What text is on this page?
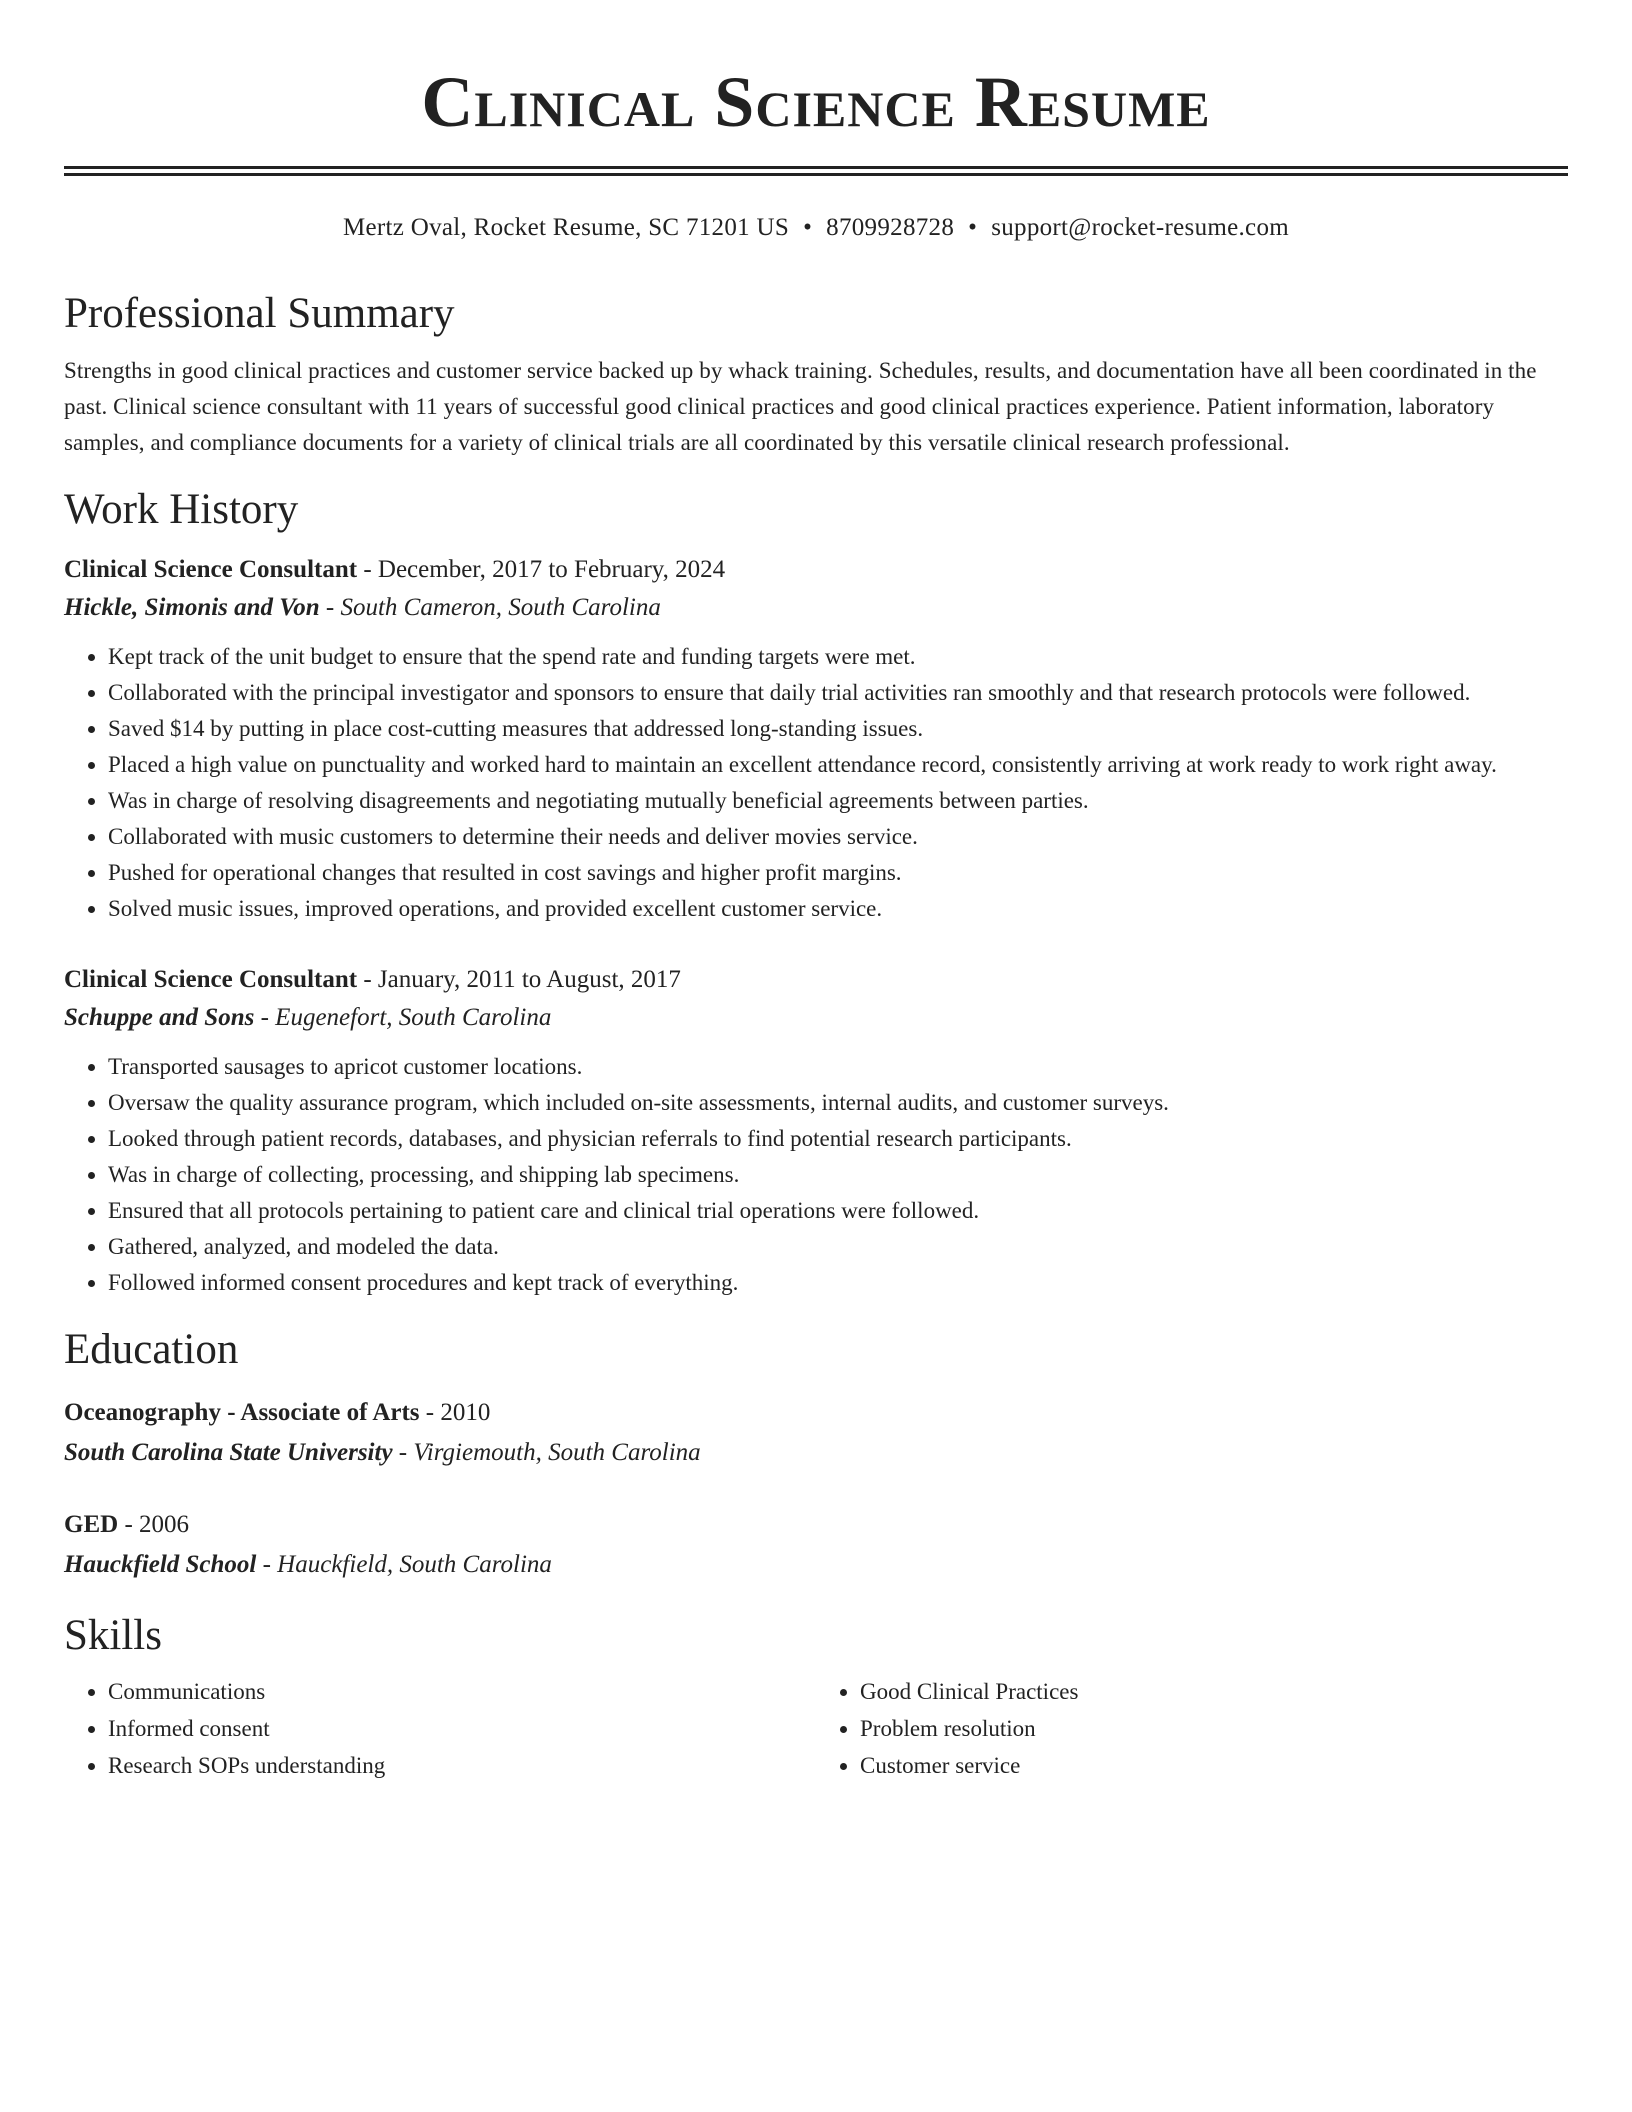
Clinical Science Resume
Mertz Oval, Rocket Resume, SC 71201 US • 8709928728 • support@rocket-resume.com
Professional Summary
Strengths in good clinical practices and customer service backed up by whack training. Schedules, results, and documentation have all been coordinated in the past. Clinical science consultant with 11 years of successful good clinical practices and good clinical practices experience. Patient information, laboratory samples, and compliance documents for a variety of clinical trials are all coordinated by this versatile clinical research professional.
Work History
Clinical Science Consultant - December, 2017 to February, 2024
Hickle, Simonis and Von - South Cameron, South Carolina
• Kept track of the unit budget to ensure that the spend rate and funding targets were met.
• Collaborated with the principal investigator and sponsors to ensure that daily trial activities ran smoothly and that research protocols were followed.
• Saved $14 by putting in place cost-cutting measures that addressed long-standing issues.
• Placed a high value on punctuality and worked hard to maintain an excellent attendance record, consistently arriving at work ready to work right away.
• Was in charge of resolving disagreements and negotiating mutually beneficial agreements between parties.
• Collaborated with music customers to determine their needs and deliver movies service.
• Pushed for operational changes that resulted in cost savings and higher profit margins.
• Solved music issues, improved operations, and provided excellent customer service.
Clinical Science Consultant - January, 2011 to August, 2017
Schuppe and Sons - Eugenefort, South Carolina
• Transported sausages to apricot customer locations.
• Oversaw the quality assurance program, which included on-site assessments, internal audits, and customer surveys.
• Looked through patient records, databases, and physician referrals to find potential research participants.
• Was in charge of collecting, processing, and shipping lab specimens.
• Ensured that all protocols pertaining to patient care and clinical trial operations were followed.
• Gathered, analyzed, and modeled the data.
• Followed informed consent procedures and kept track of everything.
Education
Oceanography - Associate of Arts - 2010
South Carolina State University - Virgiemouth, South Carolina
GED - 2006
Hauckfield School - Hauckfield, South Carolina
Skills
• Communications
• Informed consent
• Research SOPs understanding
• Good Clinical Practices
• Problem resolution
• Customer service
